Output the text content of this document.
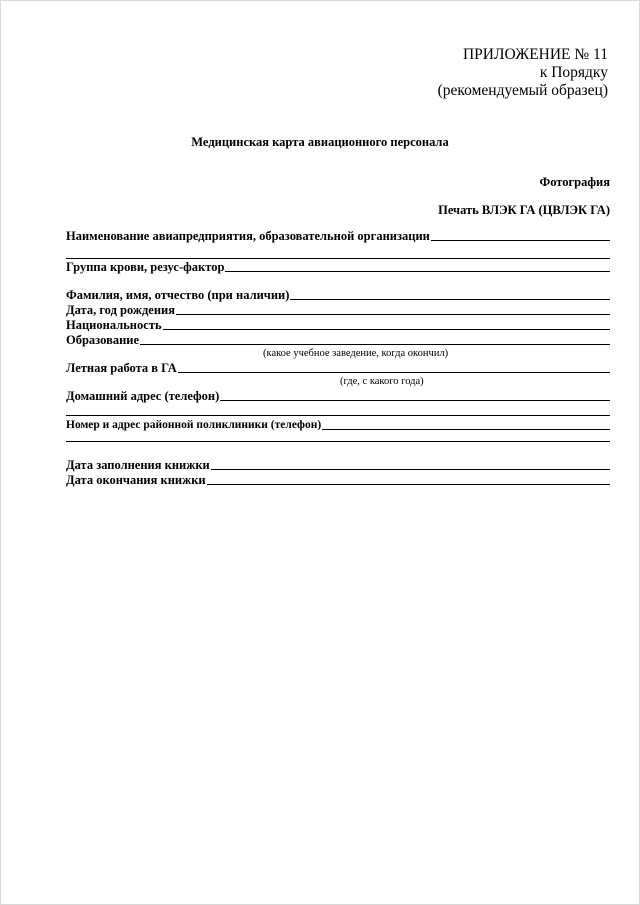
ПРИЛОЖЕНИЕ № 11
к Порядку
(рекомендуемый образец)
Медицинская карта авиационного персонала
Фотография
Печать ВЛЭК ГА (ЦВЛЭК ГА)
Наименование авиапредприятия, образовательной организации
Группа крови, резус-фактор
Фамилия, имя, отчество (при наличии)
Дата, год рождения
Национальность
Образование
(какое учебное заведение, когда окончил)
Летная работа в ГА
(где, с какого года)
Домашний адрес (телефон)
Номер и адрес районной поликлиники (телефон)
Дата заполнения книжки
Дата окончания книжки
